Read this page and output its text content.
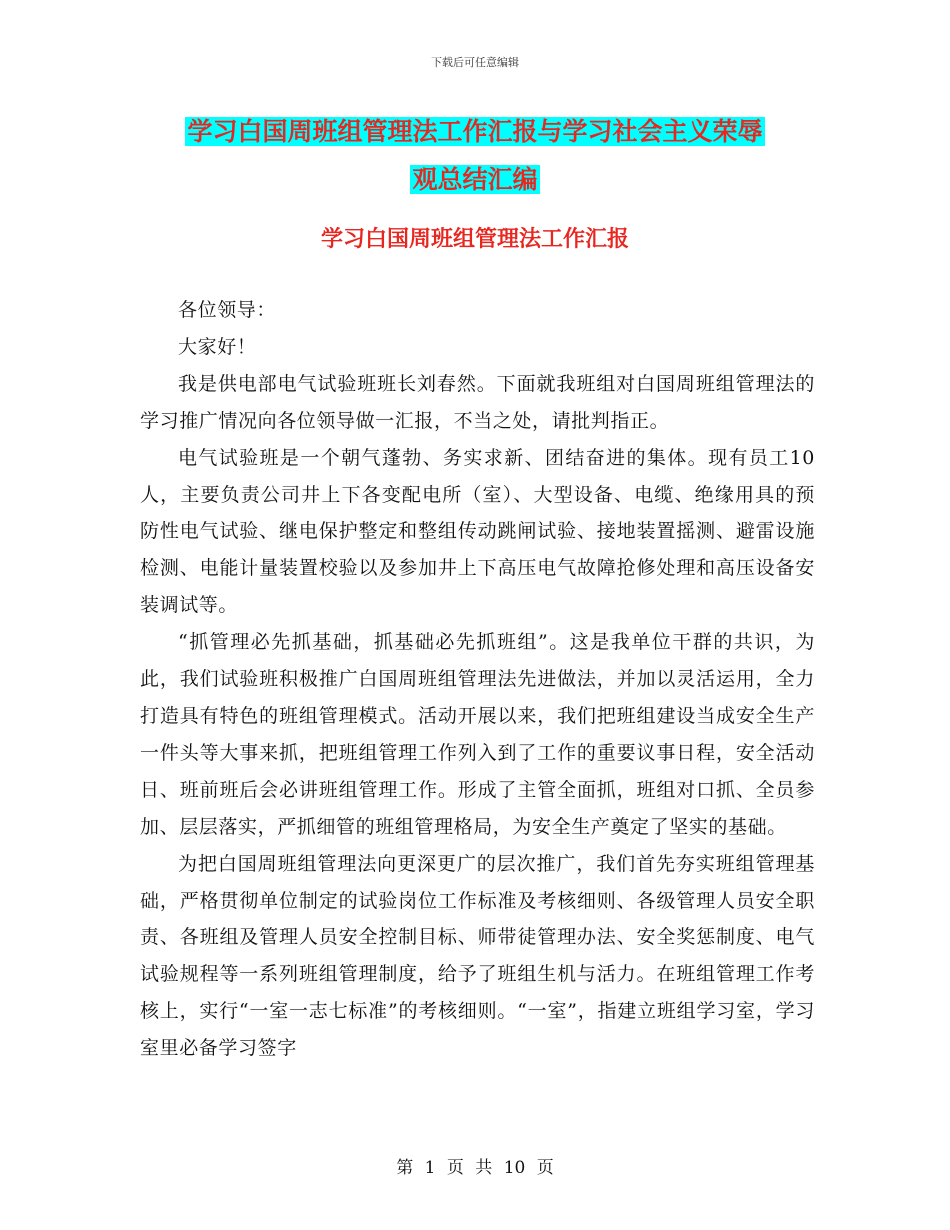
下载后可任意编辑
学习白国周班组管理法工作汇报与学习社会主义荣辱
观总结汇编
学习白国周班组管理法工作汇报

各位领导：

大家好！

我是供电部电气试验班班长刘春然。下面就我班组对白国周班组管理法的学习推广情况向各位领导做一汇报，不当之处，请批判指正。

电气试验班是一个朝气蓬勃、务实求新、团结奋进的集体。现有员工10人，主要负责公司井上下各变配电所（室）、大型设备、电缆、绝缘用具的预防性电气试验、继电保护整定和整组传动跳闸试验、接地装置摇测、避雷设施检测、电能计量装置校验以及参加井上下高压电气故障抢修处理和高压设备安装调试等。

“抓管理必先抓基础，抓基础必先抓班组”。这是我单位干群的共识，为此，我们试验班积极推广白国周班组管理法先进做法，并加以灵活运用，全力打造具有特色的班组管理模式。活动开展以来，我们把班组建设当成安全生产一件头等大事来抓，把班组管理工作列入到了工作的重要议事日程，安全活动日、班前班后会必讲班组管理工作。形成了主管全面抓，班组对口抓、全员参加、层层落实，严抓细管的班组管理格局，为安全生产奠定了坚实的基础。

为把白国周班组管理法向更深更广的层次推广，我们首先夯实班组管理基础，严格贯彻单位制定的试验岗位工作标准及考核细则、各级管理人员安全职责、各班组及管理人员安全控制目标、师带徒管理办法、安全奖惩制度、电气试验规程等一系列班组管理制度，给予了班组生机与活力。在班组管理工作考核上，实行“一室一志七标准”的考核细则。“一室”，指建立班组学习室，学习室里必备学习签字

第 1 页 共 10 页
